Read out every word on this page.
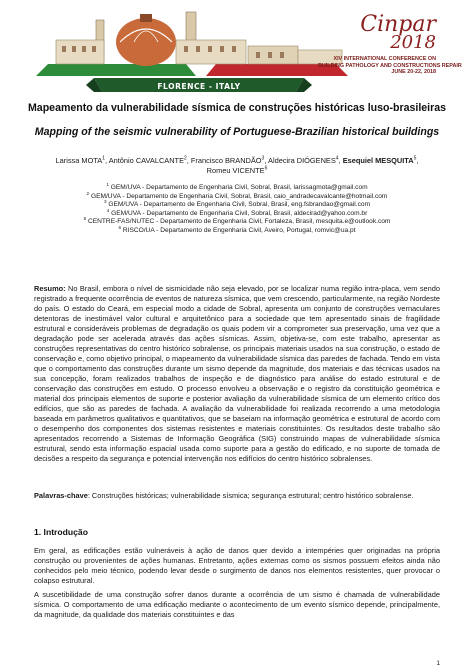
FLORENCE - ITALY
Cinpar
2018
XIV INTERNATIONAL CONFERENCE ON
BUILDING PATHOLOGY AND CONSTRUCTIONS REPAIR
JUNE 20-22, 2018
Mapeamento da vulnerabilidade sísmica de construções históricas luso-brasileiras
Mapping of the seismic vulnerability of Portuguese-Brazilian historical buildings
Larissa MOTA$^1$, Antônio CAVALCANTE$^2$, Francisco BRANDÃO$^3$, Aldecira DIÓGENES$^4$, Esequiel MESQUITA$^5$,
Romeu VICENTE$^6$
$^1$ GEM/UVA - Departamento de Engenharia Civil, Sobral, Brasil, larissagmota@gmail.com
$^2$ GEM/UVA - Departamento de Engenharia Civil, Sobral, Brasil, caio_andradecavalcante@hotmail.com
$^3$ GEM/UVA - Departamento de Engenharia Civil, Sobral, Brasil, eng.fsbrandao@gmail.com
$^4$ GEM/UVA - Departamento de Engenharia Civil, Sobral, Brasil, aldecirad@yahoo.com.br
$^5$ CENTRE-FAS/NUTEC - Departamento de Engenharia Civil, Fortaleza, Brasil, mesquita.e@outlook.com
$^6$ RISCO/UA - Departamento de Engenharia Civil, Aveiro, Portugal, romvic@ua.pt
Resumo: No Brasil, embora o nível de sismicidade não seja elevado, por se localizar numa região intra-placa, vem sendo registrado a frequente ocorrência de eventos de natureza sísmica, que vem crescendo, particularmente, na região Nordeste do país. O estado do Ceará, em especial modo a cidade de Sobral, apresenta um conjunto de construções vernaculares detentoras de inestimável valor cultural e arquitetônico para a sociedade que tem apresentado sinais de fragilidade estrutural e consideráveis problemas de degradação os quais podem vir a comprometer sua preservação, uma vez que a degradação pode ser acelerada através das ações sísmicas. Assim, objetiva-se, com este trabalho, apresentar as construções representativas do centro histórico sobralense, os principais materiais usados na sua construção, o estado de conservação e, como objetivo principal, o mapeamento da vulnerabilidade sísmica das paredes de fachada. Tendo em vista que o comportamento das construções durante um sismo depende da magnitude, dos materiais e das técnicas usados na sua concepção, foram realizados trabalhos de inspeção e de diagnóstico para análise do estado estrutural e de conservação das construções em estudo. O processo envolveu a observação e o registro da constituição geométrica e material dos principais elementos de suporte e posterior avaliação da vulnerabilidade sísmica de um elemento crítico dos edifícios, que são as paredes de fachada. A avaliação da vulnerabilidade foi realizada recorrendo a uma metodologia baseada em parâmetros qualitativos e quantitativos, que se baseiam na informação geométrica e estrutural de acordo com o desempenho dos componentes dos sistemas resistentes e materiais constituintes. Os resultados deste trabalho são apresentados recorrendo a Sistemas de Informação Geográfica (SIG) construindo mapas de vulnerabilidade sísmica estrutural, sendo esta informação espacial usada como suporte para a gestão do edificado, e no suporte de tomada de decisões a respeito da segurança e potencial intervenção nos edifícios do centro histórico sobralenses.
Palavras-chave: Construções históricas; vulnerabilidade sísmica; segurança estrutural; centro histórico sobralense.
1. Introdução
Em geral, as edificações estão vulneráveis à ação de danos quer devido a intempéries quer originadas na própria construção ou provenientes de ações humanas. Entretanto, ações externas como os sismos possuem efeitos ainda não conhecidos pelo meio técnico, podendo levar desde o surgimento de danos nos elementos resistentes, quer provocar o colapso estrutural.
A suscetibilidade de uma construção sofrer danos durante a ocorrência de um sismo é chamada de vulnerabilidade sísmica. O comportamento de uma edificação mediante o acontecimento de um evento sísmico depende, principalmente, da magnitude, da qualidade dos materiais constituintes e das
1
